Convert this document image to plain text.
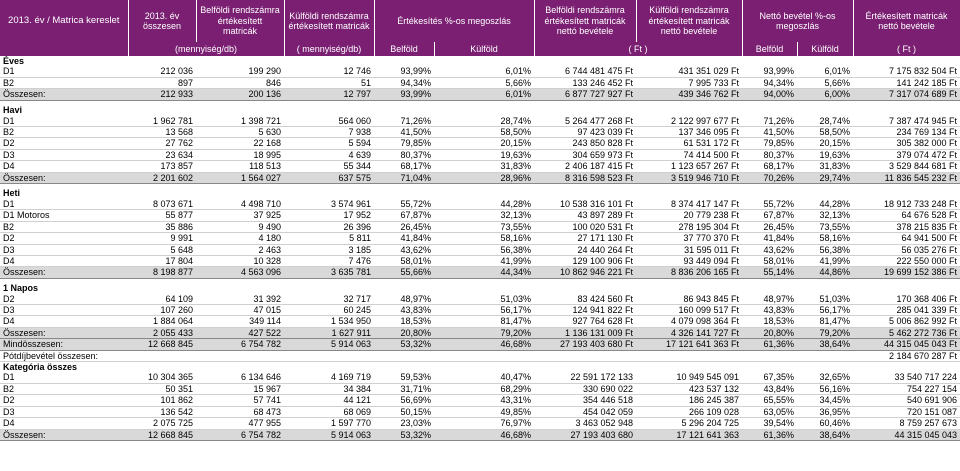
2013. év / Matrica kereslet	2013. év összesen	Belföldi rendszámra értékesített matricák	Külföldi rendszámra értékesített matricák	Értékesítés %-os megoszlás		Belföldi rendszámra értékesített matricák nettó bevétele	Külföldi rendszámra értékesített matricák nettó bevétele	Nettó bevétel %-os megoszlás		Értékesített matricák nettó bevétele
	(mennyiség/db)		( mennyiség/db)	Belföld	Külföld	( Ft )		Belföld	Külföld	( Ft )
Éves										
D1	212 036	199 290	12 746	93,99%	6,01%	6 744 481 475 Ft	431 351 029 Ft	93,99%	6,01%	7 175 832 504 Ft
B2	897	846	51	94,34%	5,66%	133 246 452 Ft	7 995 733 Ft	94,34%	5,66%	141 242 185 Ft
Összesen:	212 933	200 136	12 797	93,99%	6,01%	6 877 727 927 Ft	439 346 762 Ft	94,00%	6,00%	7 317 074 689 Ft

Havi										
D1	1 962 781	1 398 721	564 060	71,26%	28,74%	5 264 477 268 Ft	2 122 997 677 Ft	71,26%	28,74%	7 387 474 945 Ft
B2	13 568	5 630	7 938	41,50%	58,50%	97 423 039 Ft	137 346 095 Ft	41,50%	58,50%	234 769 134 Ft
D2	27 762	22 168	5 594	79,85%	20,15%	243 850 828 Ft	61 531 172 Ft	79,85%	20,15%	305 382 000 Ft
D3	23 634	18 995	4 639	80,37%	19,63%	304 659 973 Ft	74 414 500 Ft	80,37%	19,63%	379 074 472 Ft
D4	173 857	118 513	55 344	68,17%	31,83%	2 406 187 415 Ft	1 123 657 267 Ft	68,17%	31,83%	3 529 844 681 Ft
Összesen:	2 201 602	1 564 027	637 575	71,04%	28,96%	8 316 598 523 Ft	3 519 946 710 Ft	70,26%	29,74%	11 836 545 232 Ft

Heti										
D1	8 073 671	4 498 710	3 574 961	55,72%	44,28%	10 538 316 101 Ft	8 374 417 147 Ft	55,72%	44,28%	18 912 733 248 Ft
D1 Motoros	55 877	37 925	17 952	67,87%	32,13%	43 897 289 Ft	20 779 238 Ft	67,87%	32,13%	64 676 528 Ft
B2	35 886	9 490	26 396	26,45%	73,55%	100 020 531 Ft	278 195 304 Ft	26,45%	73,55%	378 215 835 Ft
D2	9 991	4 180	5 811	41,84%	58,16%	27 171 130 Ft	37 770 370 Ft	41,84%	58,16%	64 941 500 Ft
D3	5 648	2 463	3 185	43,62%	56,38%	24 440 264 Ft	31 595 011 Ft	43,62%	56,38%	56 035 276 Ft
D4	17 804	10 328	7 476	58,01%	41,99%	129 100 906 Ft	93 449 094 Ft	58,01%	41,99%	222 550 000 Ft
Összesen:	8 198 877	4 563 096	3 635 781	55,66%	44,34%	10 862 946 221 Ft	8 836 206 165 Ft	55,14%	44,86%	19 699 152 386 Ft

1 Napos										
D2	64 109	31 392	32 717	48,97%	51,03%	83 424 560 Ft	86 943 845 Ft	48,97%	51,03%	170 368 406 Ft
D3	107 260	47 015	60 245	43,83%	56,17%	124 941 822 Ft	160 099 517 Ft	43,83%	56,17%	285 041 339 Ft
D4	1 884 064	349 114	1 534 950	18,53%	81,47%	927 764 628 Ft	4 079 098 364 Ft	18,53%	81,47%	5 006 862 992 Ft
Összesen:	2 055 433	427 522	1 627 911	20,80%	79,20%	1 136 131 009 Ft	4 326 141 727 Ft	20,80%	79,20%	5 462 272 736 Ft
Mindösszesen:	12 668 845	6 754 782	5 914 063	53,32%	46,68%	27 193 403 680 Ft	17 121 641 363 Ft	61,36%	38,64%	44 315 045 043 Ft
Pótdíjbevétel összesen:										2 184 670 287 Ft
Kategória összes										
D1	10 304 365	6 134 646	4 169 719	59,53%	40,47%	22 591 172 133	10 949 545 091	67,35%	32,65%	33 540 717 224
B2	50 351	15 967	34 384	31,71%	68,29%	330 690 022	423 537 132	43,84%	56,16%	754 227 154
D2	101 862	57 741	44 121	56,69%	43,31%	354 446 518	186 245 387	65,55%	34,45%	540 691 906
D3	136 542	68 473	68 069	50,15%	49,85%	454 042 059	266 109 028	63,05%	36,95%	720 151 087
D4	2 075 725	477 955	1 597 770	23,03%	76,97%	3 463 052 948	5 296 204 725	39,54%	60,46%	8 759 257 673
Összesen:	12 668 845	6 754 782	5 914 063	53,32%	46,68%	27 193 403 680	17 121 641 363	61,36%	38,64%	44 315 045 043
